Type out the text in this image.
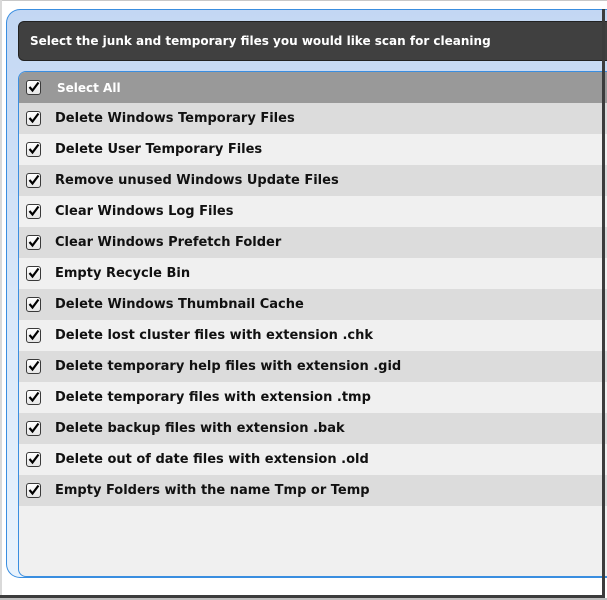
Select the junk and temporary files you would like scan for cleaning
Select All
Delete Windows Temporary Files
Delete User Temporary Files
Remove unused Windows Update Files
Clear Windows Log Files
Clear Windows Prefetch Folder
Empty Recycle Bin
Delete Windows Thumbnail Cache
Delete lost cluster files with extension .chk
Delete temporary help files with extension .gid
Delete temporary files with extension .tmp
Delete backup files with extension .bak
Delete out of date files with extension .old
Empty Folders with the name Tmp or Temp
